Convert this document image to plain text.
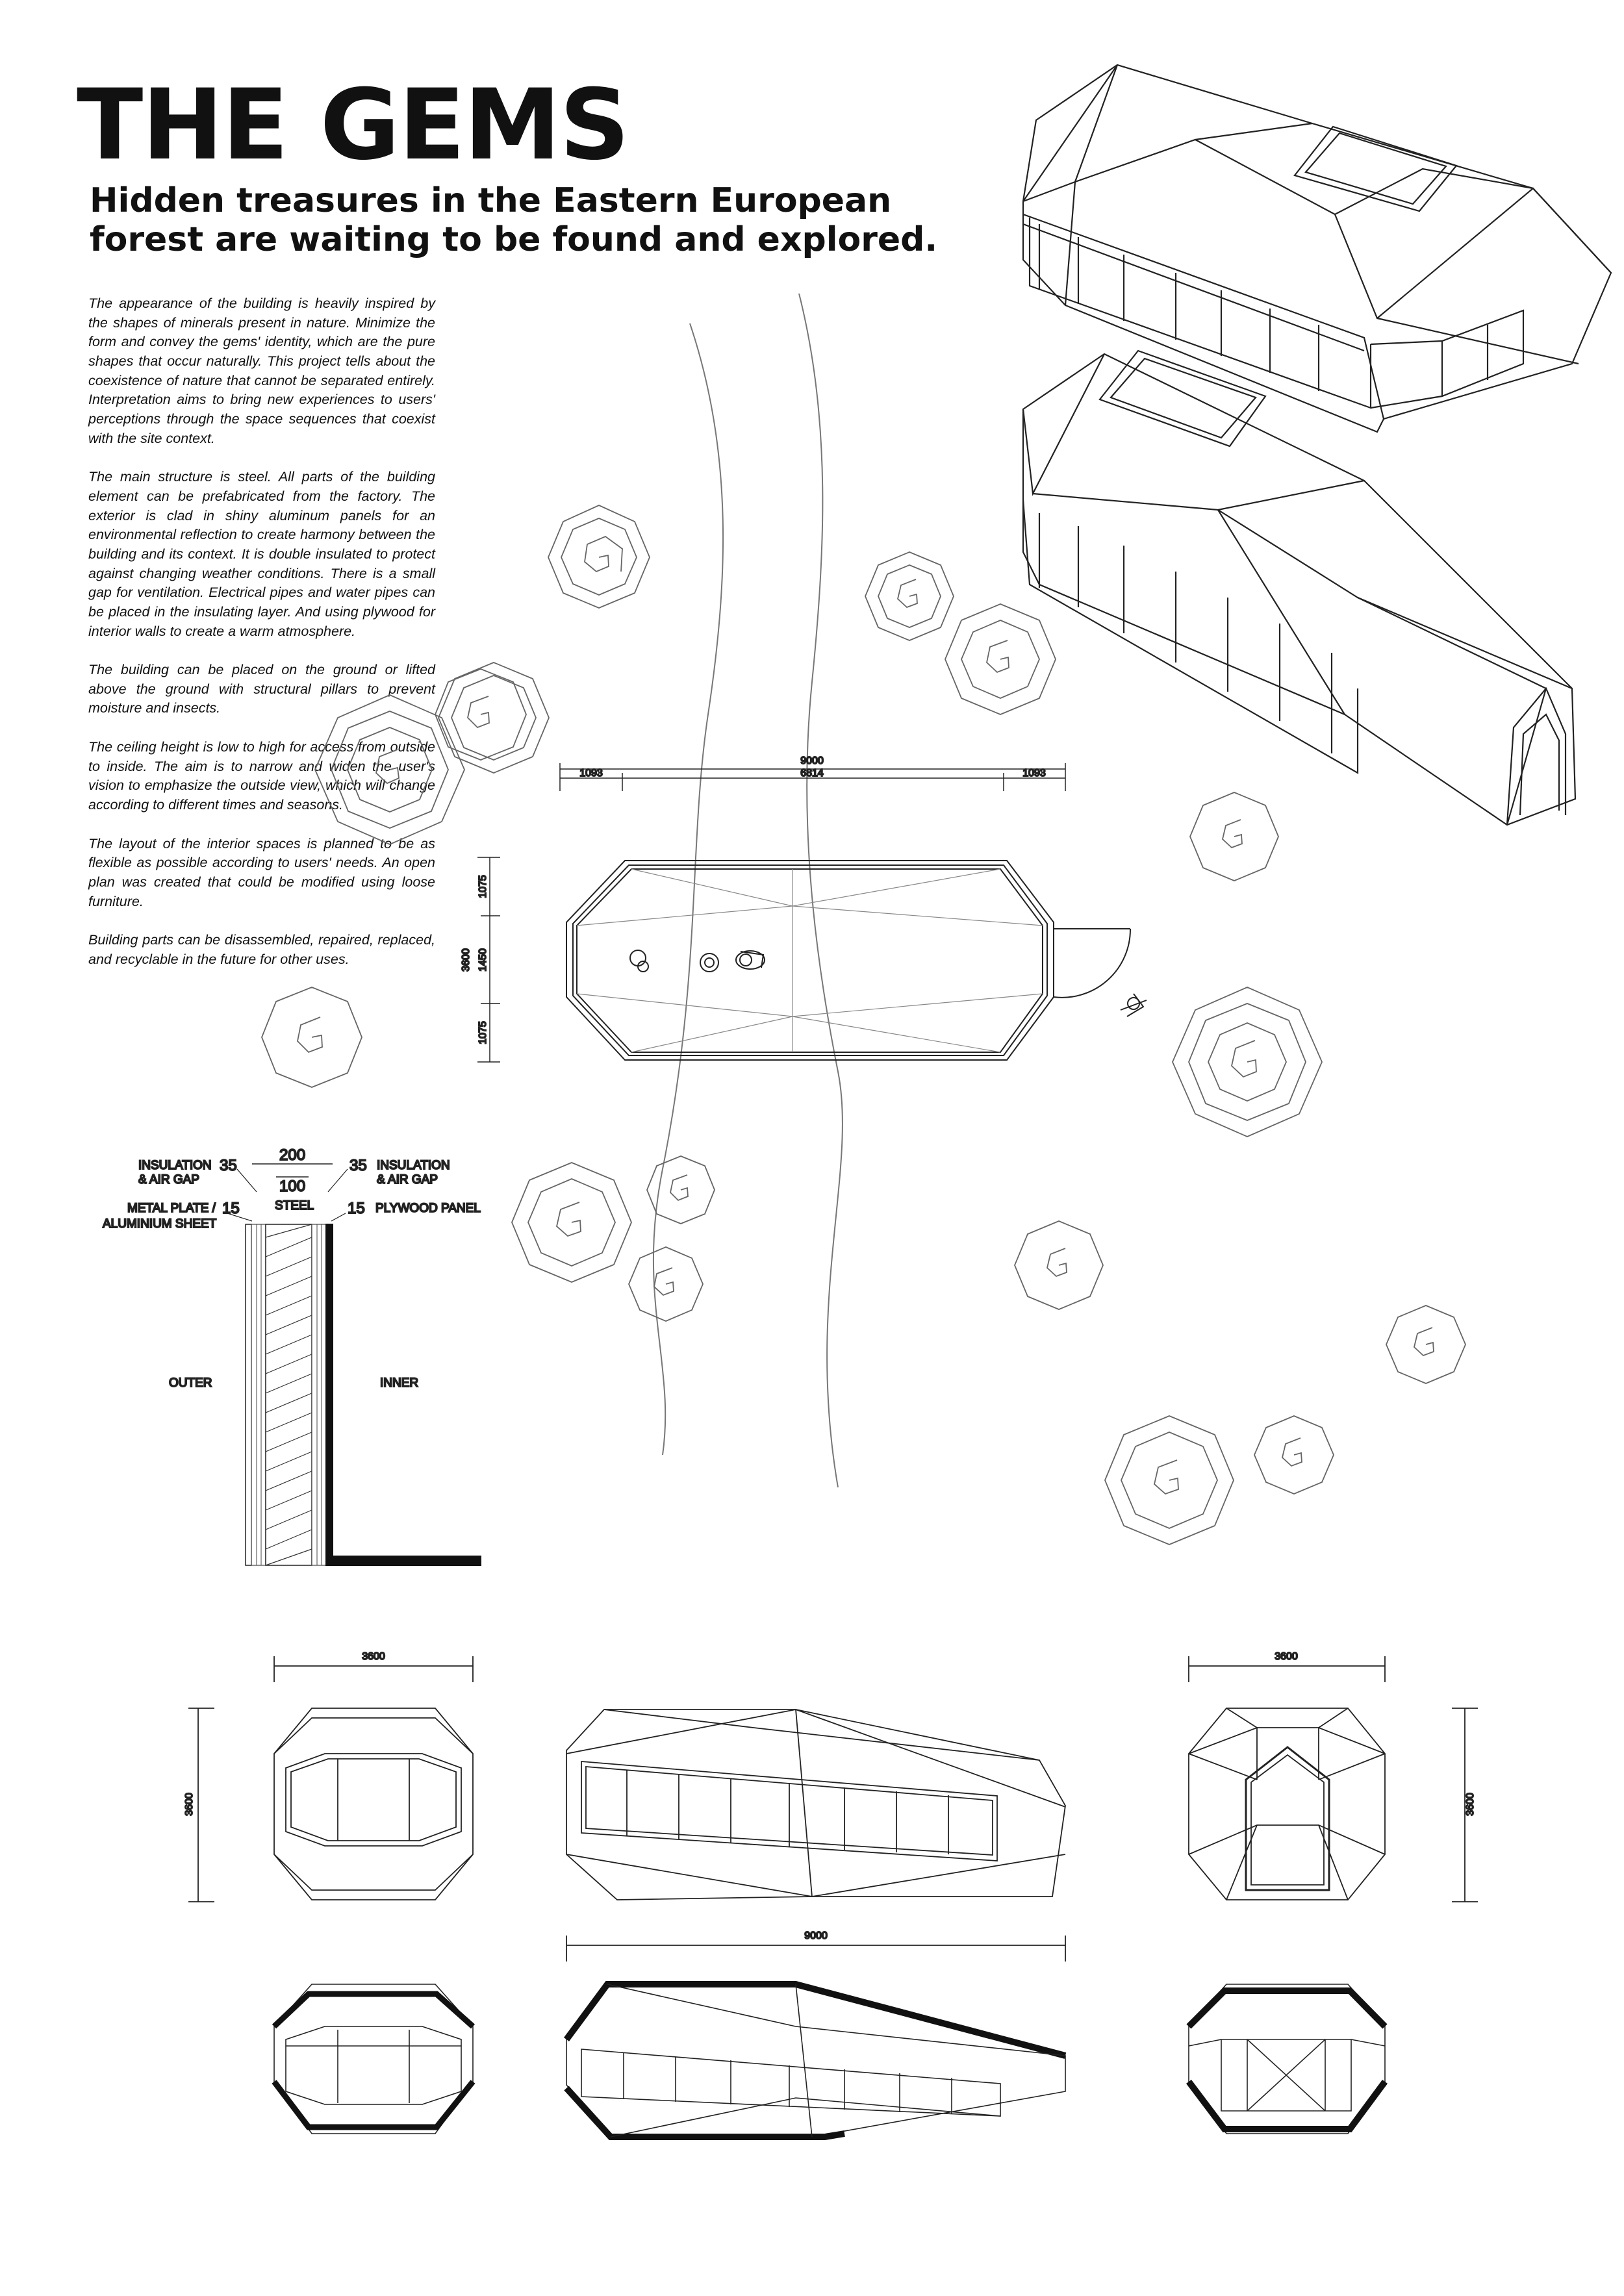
THE GEMS
Hidden treasures in the Eastern European
forest are waiting to be found and explored.

The appearance of the building is heavily inspired by the shapes of minerals present in nature. Minimize the form and convey the gems' identity, which are the pure shapes that occur naturally. This project tells about the coexistence of nature that cannot be separated entirely. Interpretation aims to bring new experiences to users' perceptions through the space sequences that coexist with the site context.

The main structure is steel. All parts of the building element can be prefabricated from the factory. The exterior is clad in shiny aluminum panels for an environmental reflection to create harmony between the building and its context. It is double insulated to protect against changing weather conditions. There is a small gap for ventilation. Electrical pipes and water pipes can be placed in the insulating layer. And using plywood for interior walls to create a warm atmosphere.

The building can be placed on the ground or lifted above the ground with structural pillars to prevent moisture and insects.

The ceiling height is low to high for access from outside to inside. The aim is to narrow and widen the user's vision to emphasize the outside view, which will change according to different times and seasons.

The layout of the interior spaces is planned to be as flexible as possible according to users' needs. An open plan was created that could be modified using loose furniture.

Building parts can be disassembled, repaired, replaced, and recyclable in the future for other uses.

9000
1093	6814	1093
1075
1450
1075
3600
INSULATION
& AIR GAP
35
200
100
35 INSULATION
& AIR GAP
METAL PLATE /
ALUMINIUM SHEET
15	STEEL 15 PLYWOOD PANEL
OUTER	INNER
3600
3600
9000
3600
3600
